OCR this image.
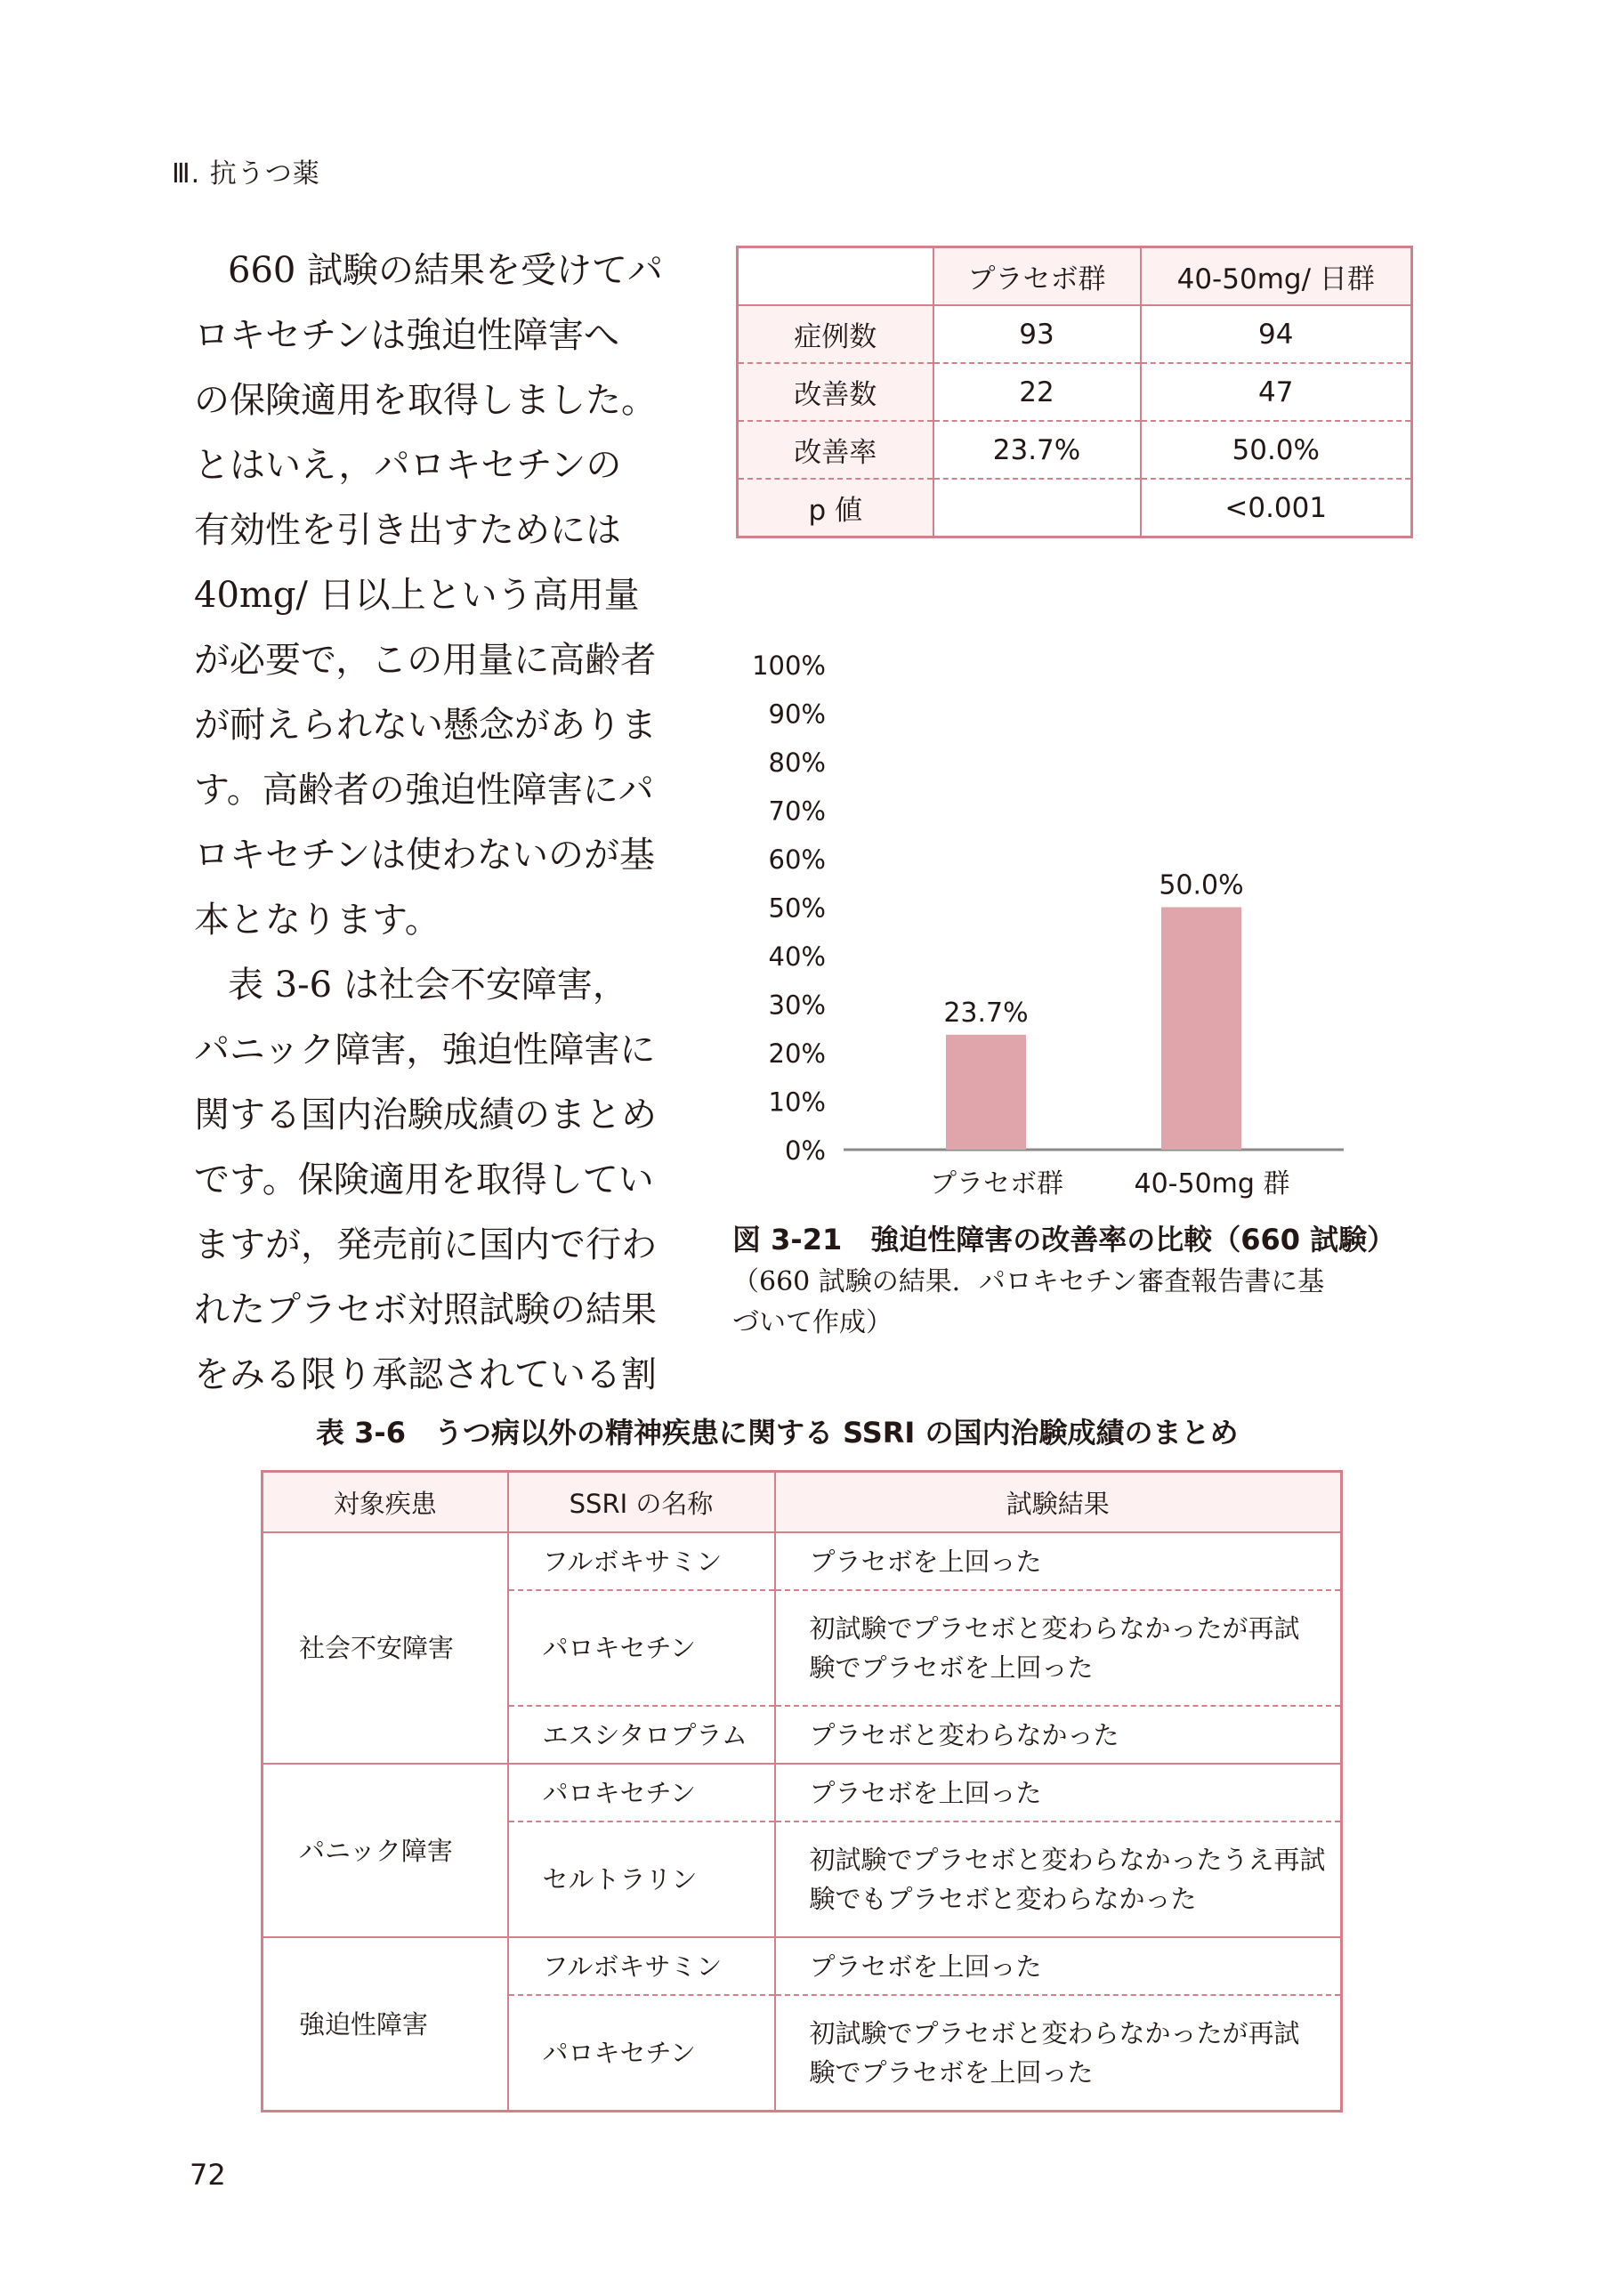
Ⅲ. 抗うつ薬
660 試験の結果を受けてパ
ロキセチンは強迫性障害へ
の保険適用を取得しました。
とはいえ，パロキセチンの
有効性を引き出すためには
40mg/ 日以上という高用量
が必要で，この用量に高齢者
が耐えられない懸念がありま
す。高齢者の強迫性障害にパ
ロキセチンは使わないのが基
本となります。
表 3-6 は社会不安障害，
パニック障害，強迫性障害に
関する国内治験成績のまとめ
です。保険適用を取得してい
ますが，発売前に国内で行わ
れたプラセボ対照試験の結果
をみる限り承認されている割
	プラセボ群	40-50mg/ 日群
症例数	93	94
改善数	22	47
改善率	23.7%	50.0%
p 値		<0.001
0%
10%
20%
30%
40%
50%
60%
70%
80%
90%
100%
23.7%
プラセボ群
50.0%
40-50mg 群
図 3-21　強迫性障害の改善率の比較（660 試験）
（660 試験の結果．パロキセチン審査報告書に基
づいて作成）
表 3-6　うつ病以外の精神疾患に関する SSRI の国内治験成績のまとめ
対象疾患	SSRI の名称	試験結果
社会不安障害	フルボキサミン	プラセボを上回った

	パロキセチン	初試験でプラセボと変わらなかったが再試
験でプラセボを上回った

	エスシタロプラム	プラセボと変わらなかった

パニック障害	パロキセチン	プラセボを上回った

	セルトラリン	初試験でプラセボと変わらなかったうえ再試
験でもプラセボと変わらなかった

強迫性障害	フルボキサミン	プラセボを上回った

	パロキセチン	初試験でプラセボと変わらなかったが再試
験でプラセボを上回った
72
